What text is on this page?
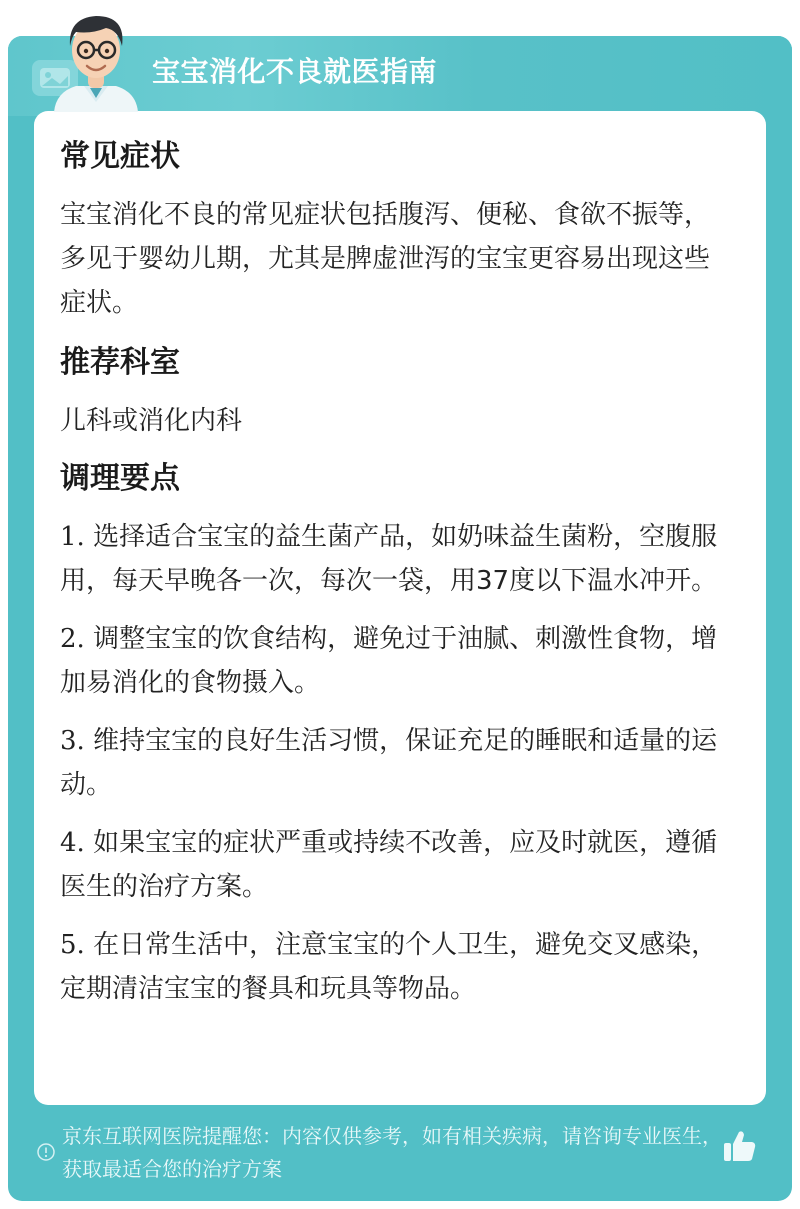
宝宝消化不良就医指南
常见症状

宝宝消化不良的常见症状包括腹泻、便秘、食欲不振等，多见于婴幼儿期，尤其是脾虚泄泻的宝宝更容易出现这些症状。

推荐科室

儿科或消化内科

调理要点

1. 选择适合宝宝的益生菌产品，如奶味益生菌粉，空腹服用，每天早晚各一次，每次一袋，用37度以下温水冲开。

2. 调整宝宝的饮食结构，避免过于油腻、刺激性食物，增加易消化的食物摄入。

3. 维持宝宝的良好生活习惯，保证充足的睡眠和适量的运动。

4. 如果宝宝的症状严重或持续不改善，应及时就医，遵循医生的治疗方案。

5. 在日常生活中，注意宝宝的个人卫生，避免交叉感染，定期清洁宝宝的餐具和玩具等物品。

京东互联网医院提醒您：内容仅供参考，如有相关疾病，请咨询专业医生，获取最适合您的治疗方案
